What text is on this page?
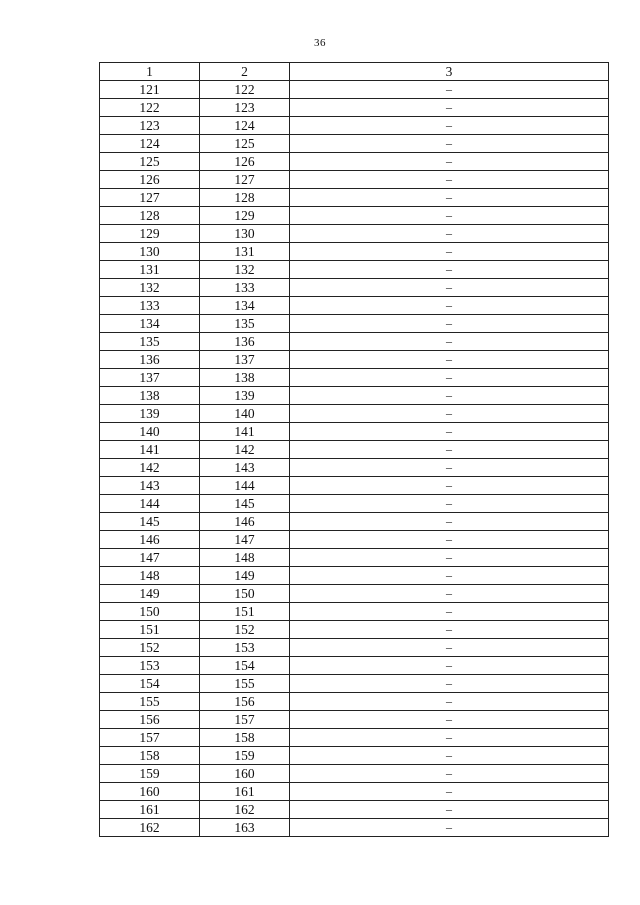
36
1	2	3
121	122	–
122	123	–
123	124	–
124	125	–
125	126	–
126	127	–
127	128	–
128	129	–
129	130	–
130	131	–
131	132	–
132	133	–
133	134	–
134	135	–
135	136	–
136	137	–
137	138	–
138	139	–
139	140	–
140	141	–
141	142	–
142	143	–
143	144	–
144	145	–
145	146	–
146	147	–
147	148	–
148	149	–
149	150	–
150	151	–
151	152	–
152	153	–
153	154	–
154	155	–
155	156	–
156	157	–
157	158	–
158	159	–
159	160	–
160	161	–
161	162	–
162	163	–
